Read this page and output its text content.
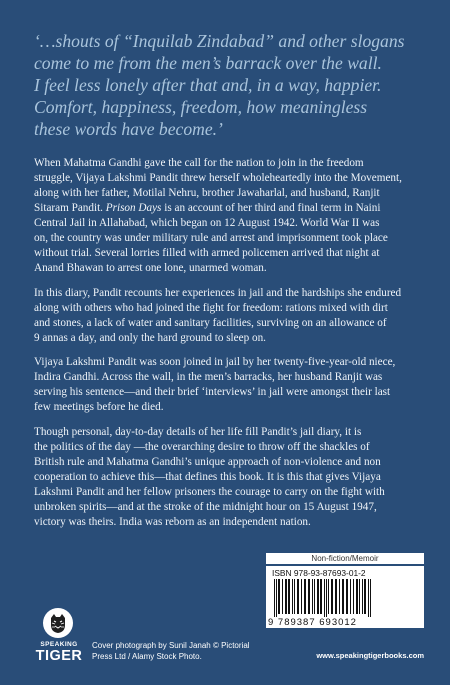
‘…shouts of “Inquilab Zindabad” and other slogans
come to me from the men’s barrack over the wall.
I feel less lonely after that and, in a way, happier.
Comfort, happiness, freedom, how meaningless
these words have become.’

When Mahatma Gandhi gave the call for the nation to join in the freedom
struggle, Vijaya Lakshmi Pandit threw herself wholeheartedly into the Movement,
along with her father, Motilal Nehru, brother Jawaharlal, and husband, Ranjit
Sitaram Pandit. Prison Days is an account of her third and final term in Naini
Central Jail in Allahabad, which began on 12 August 1942. World War II was
on, the country was under military rule and arrest and imprisonment took place
without trial. Several lorries filled with armed policemen arrived that night at
Anand Bhawan to arrest one lone, unarmed woman.

In this diary, Pandit recounts her experiences in jail and the hardships she endured
along with others who had joined the fight for freedom: rations mixed with dirt
and stones, a lack of water and sanitary facilities, surviving on an allowance of
9 annas a day, and only the hard ground to sleep on.

Vijaya Lakshmi Pandit was soon joined in jail by her twenty-five-year-old niece,
Indira Gandhi. Across the wall, in the men’s barracks, her husband Ranjit was
serving his sentence—and their brief ‘interviews’ in jail were amongst their last
few meetings before he died.

Though personal, day-to-day details of her life fill Pandit’s jail diary, it is
the politics of the day —the overarching desire to throw off the shackles of
British rule and Mahatma Gandhi’s unique approach of non-violence and non
cooperation to achieve this—that defines this book. It is this that gives Vijaya
Lakshmi Pandit and her fellow prisoners the courage to carry on the fight with
unbroken spirits—and at the stroke of the midnight hour on 15 August 1947,
victory was theirs. India was reborn as an independent nation.

Non-fiction/Memoir
ISBN 978-93-87693-01-2
9 789387 693012
SPEAKING
TIGER
Cover photograph by Sunil Janah © Pictorial
Press Ltd / Alamy Stock Photo.	www.speakingtigerbooks.com
